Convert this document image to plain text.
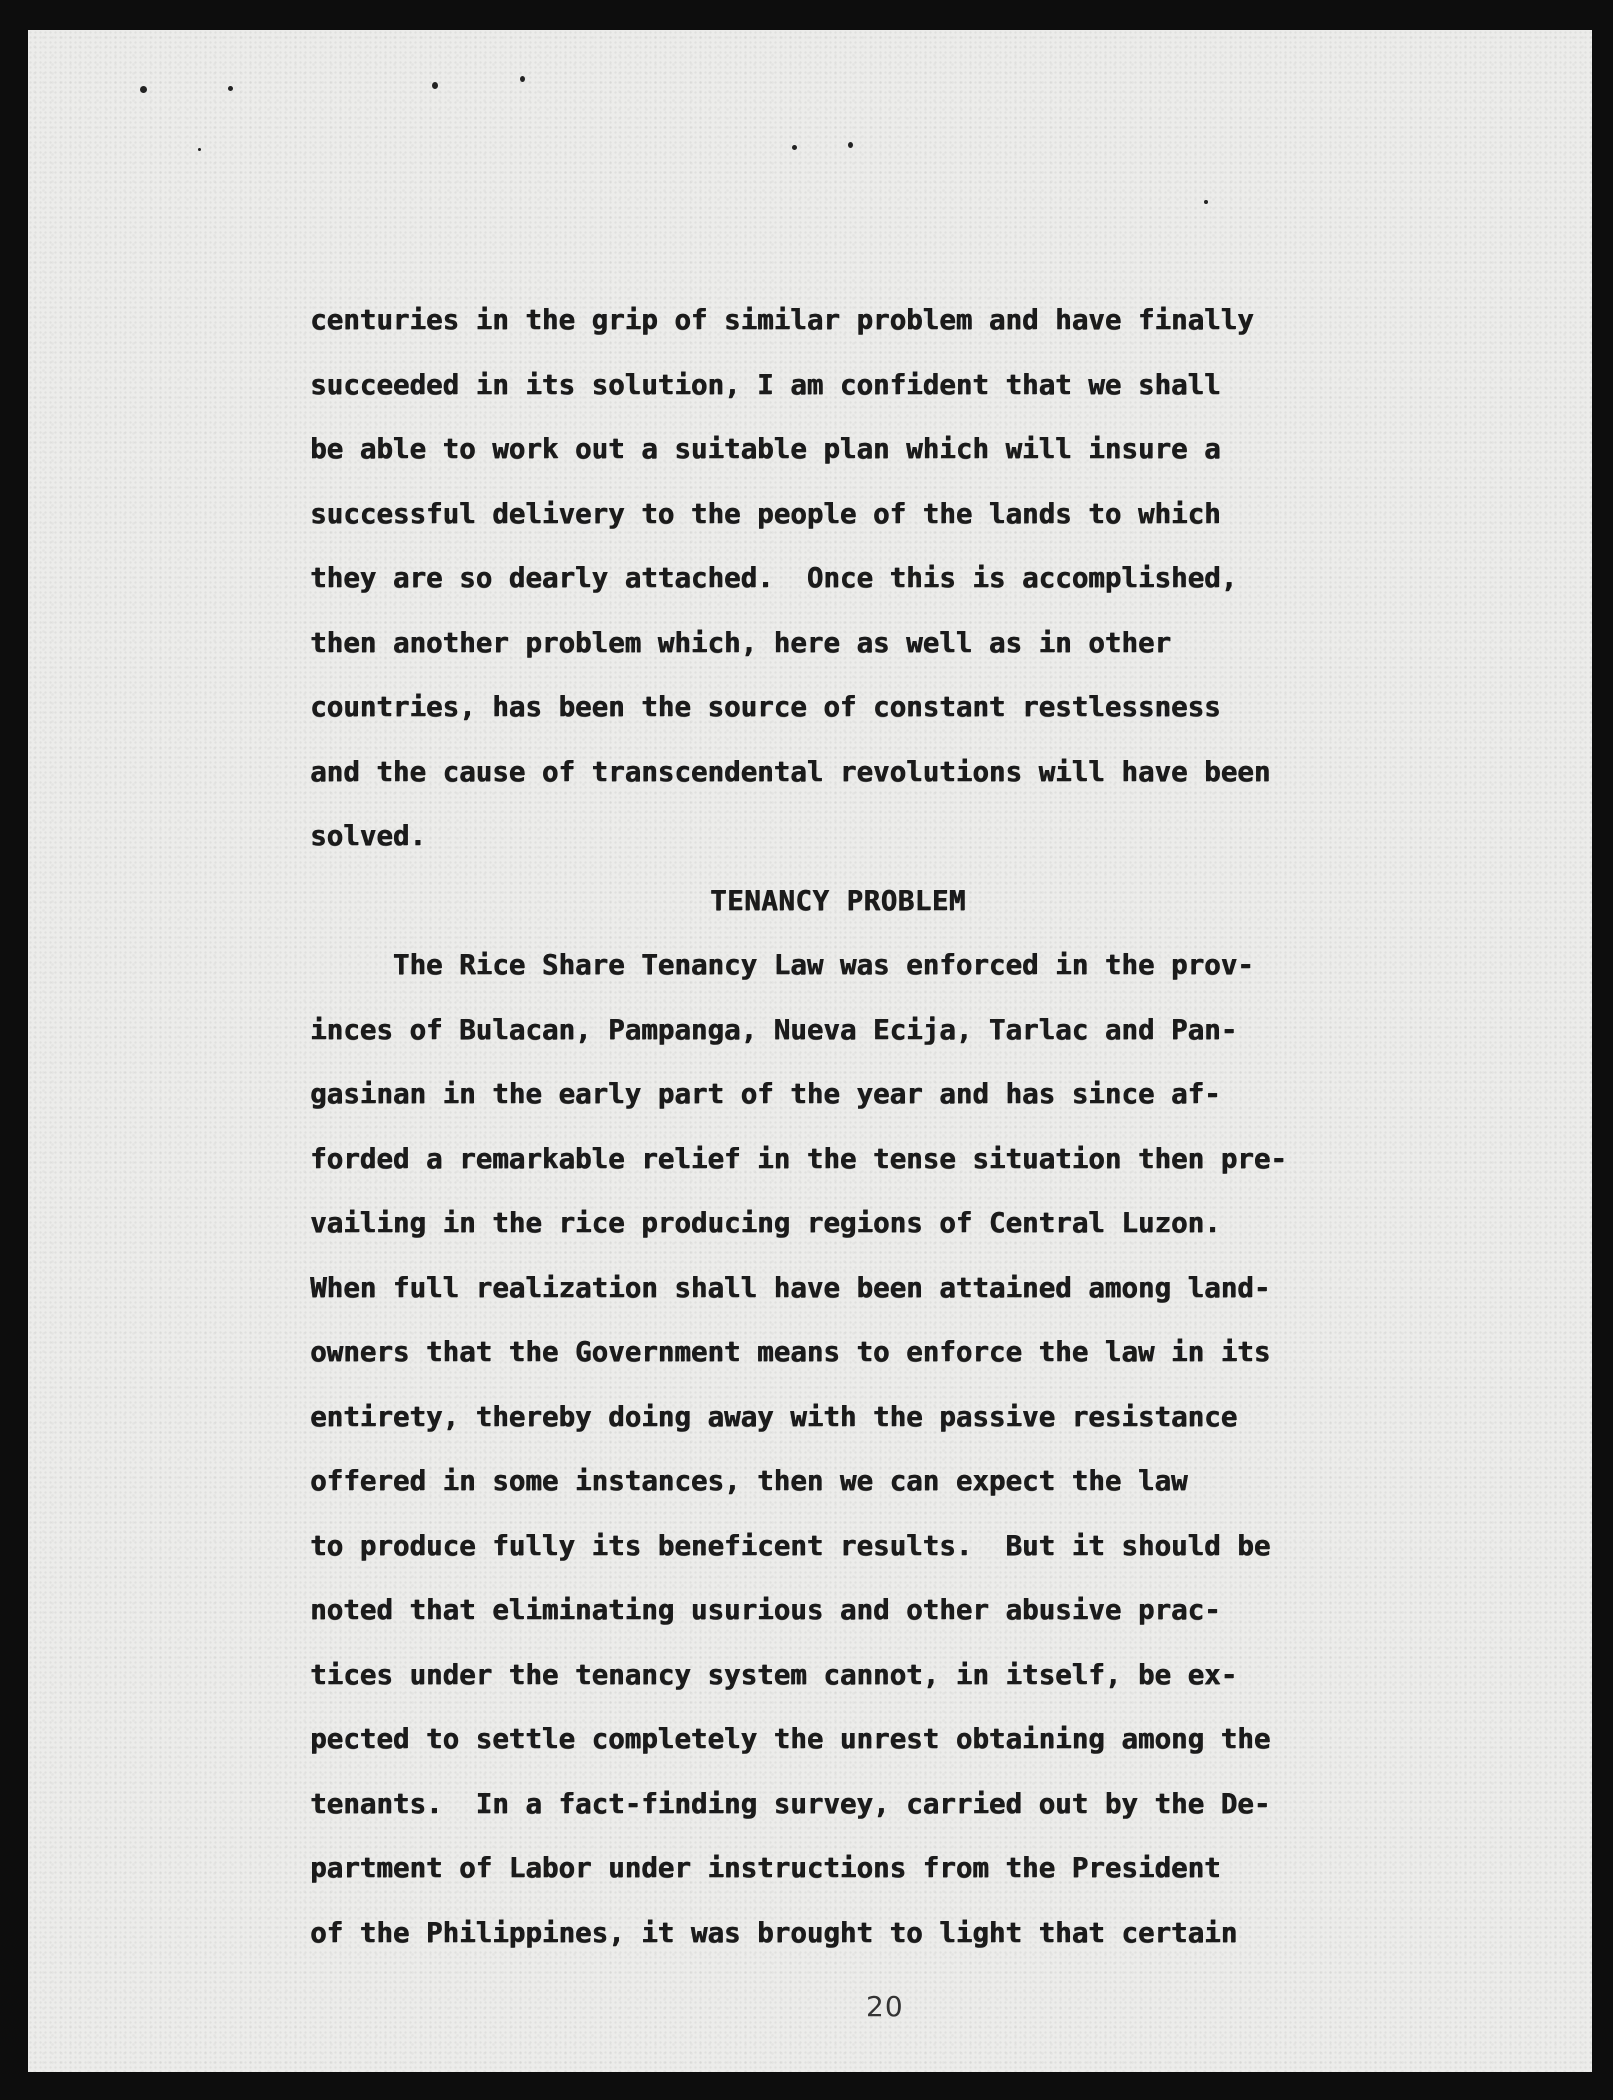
centuries in the grip of similar problem and have finally
succeeded in its solution, I am confident that we shall
be able to work out a suitable plan which will insure a
successful delivery to the people of the lands to which
they are so dearly attached.  Once this is accomplished,
then another problem which, here as well as in other
countries, has been the source of constant restlessness
and the cause of transcendental revolutions will have been
solved.
TENANCY PROBLEM
The Rice Share Tenancy Law was enforced in the prov-
inces of Bulacan, Pampanga, Nueva Ecija, Tarlac and Pan-
gasinan in the early part of the year and has since af-
forded a remarkable relief in the tense situation then pre-
vailing in the rice producing regions of Central Luzon.
When full realization shall have been attained among land-
owners that the Government means to enforce the law in its
entirety, thereby doing away with the passive resistance
offered in some instances, then we can expect the law
to produce fully its beneficent results.  But it should be
noted that eliminating usurious and other abusive prac-
tices under the tenancy system cannot, in itself, be ex-
pected to settle completely the unrest obtaining among the
tenants.  In a fact-finding survey, carried out by the De-
partment of Labor under instructions from the President
of the Philippines, it was brought to light that certain
20
